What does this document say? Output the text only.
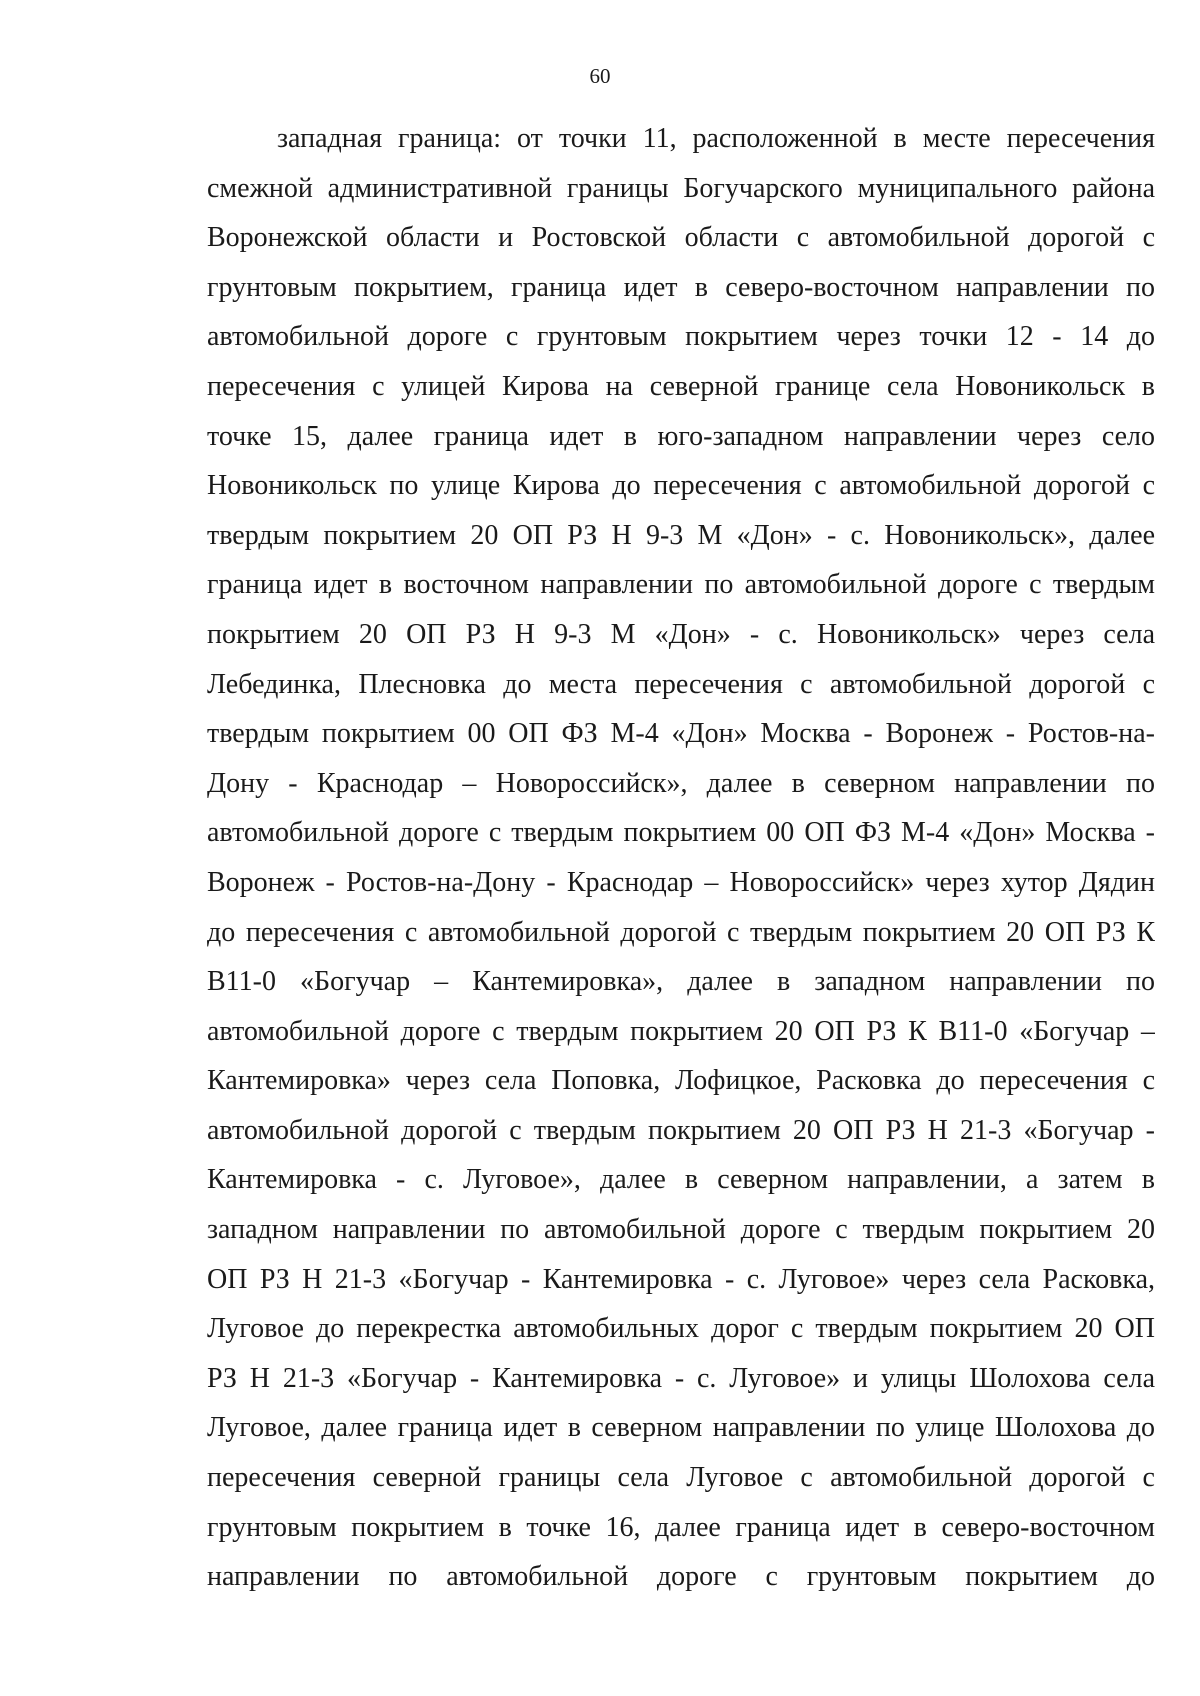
60
западная граница: от точки 11, расположенной в месте пересечения
смежной административной границы Богучарского муниципального района
Воронежской области и Ростовской области с автомобильной дорогой с
грунтовым покрытием, граница идет в северо-восточном направлении по
автомобильной дороге с грунтовым покрытием через точки 12 - 14 до
пересечения с улицей Кирова на северной границе села Новоникольск в
точке 15, далее граница идет в юго-западном направлении через село
Новоникольск по улице Кирова до пересечения с автомобильной дорогой с
твердым покрытием 20 ОП РЗ Н 9-3 М «Дон» - с. Новоникольск», далее
граница идет в восточном направлении по автомобильной дороге с твердым
покрытием 20 ОП РЗ Н 9-3 М «Дон» - с. Новоникольск» через села
Лебединка, Плесновка до места пересечения с автомобильной дорогой с
твердым покрытием 00 ОП ФЗ М-4 «Дон» Москва - Воронеж - Ростов-на-
Дону - Краснодар – Новороссийск», далее в северном направлении по
автомобильной дороге с твердым покрытием 00 ОП ФЗ М-4 «Дон» Москва -
Воронеж - Ростов-на-Дону - Краснодар – Новороссийск» через хутор Дядин
до пересечения с автомобильной дорогой с твердым покрытием 20 ОП РЗ К
В11-0 «Богучар – Кантемировка», далее в западном направлении по
автомобильной дороге с твердым покрытием 20 ОП РЗ К В11-0 «Богучар –
Кантемировка» через села Поповка, Лофицкое, Расковка до пересечения с
автомобильной дорогой с твердым покрытием 20 ОП РЗ Н 21-3 «Богучар -
Кантемировка - с. Луговое», далее в северном направлении, а затем в
западном направлении по автомобильной дороге с твердым покрытием 20
ОП РЗ Н 21-3 «Богучар - Кантемировка - с. Луговое» через села Расковка,
Луговое до перекрестка автомобильных дорог с твердым покрытием 20 ОП
РЗ Н 21-3 «Богучар - Кантемировка - с. Луговое» и улицы Шолохова села
Луговое, далее граница идет в северном направлении по улице Шолохова до
пересечения северной границы села Луговое с автомобильной дорогой с
грунтовым покрытием в точке 16, далее граница идет в северо-восточном
направлении по автомобильной дороге с грунтовым покрытием до
